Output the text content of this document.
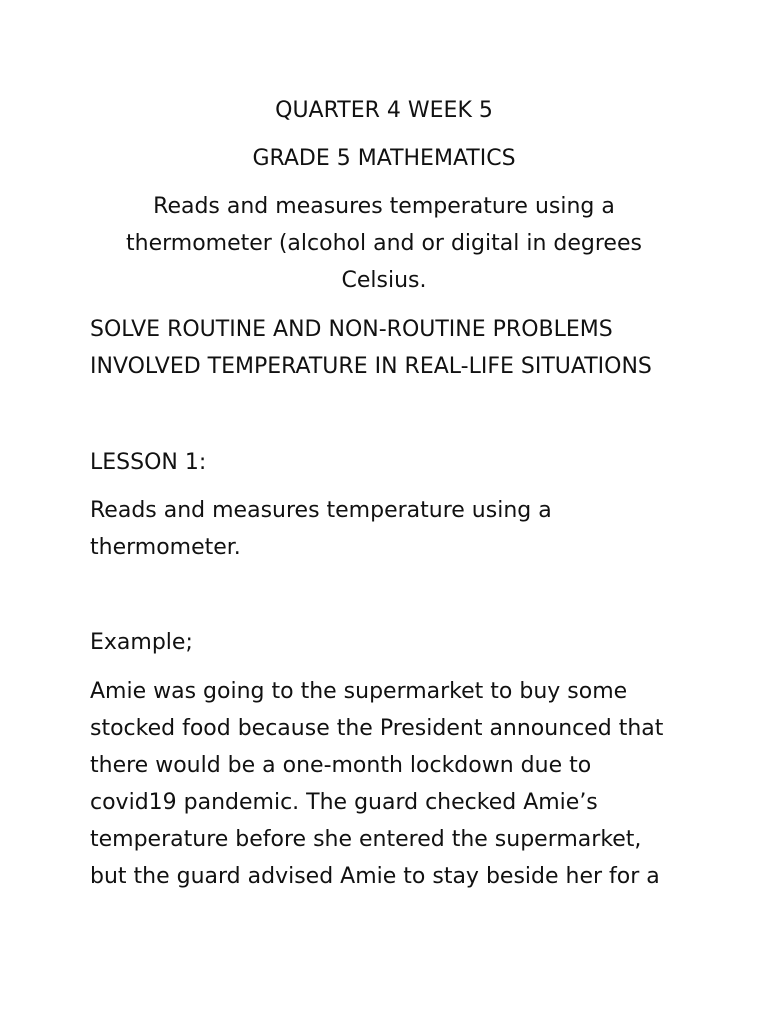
QUARTER 4 WEEK 5

GRADE 5 MATHEMATICS

Reads and measures temperature using a
thermometer (alcohol and or digital in degrees
Celsius.

SOLVE ROUTINE AND NON-ROUTINE PROBLEMS
INVOLVED TEMPERATURE IN REAL-LIFE SITUATIONS

LESSON 1:

Reads and measures temperature using a
thermometer.

Example;

Amie was going to the supermarket to buy some
stocked food because the President announced that
there would be a one-month lockdown due to
covid19 pandemic. The guard checked Amie’s
temperature before she entered the supermarket,
but the guard advised Amie to stay beside her for a
